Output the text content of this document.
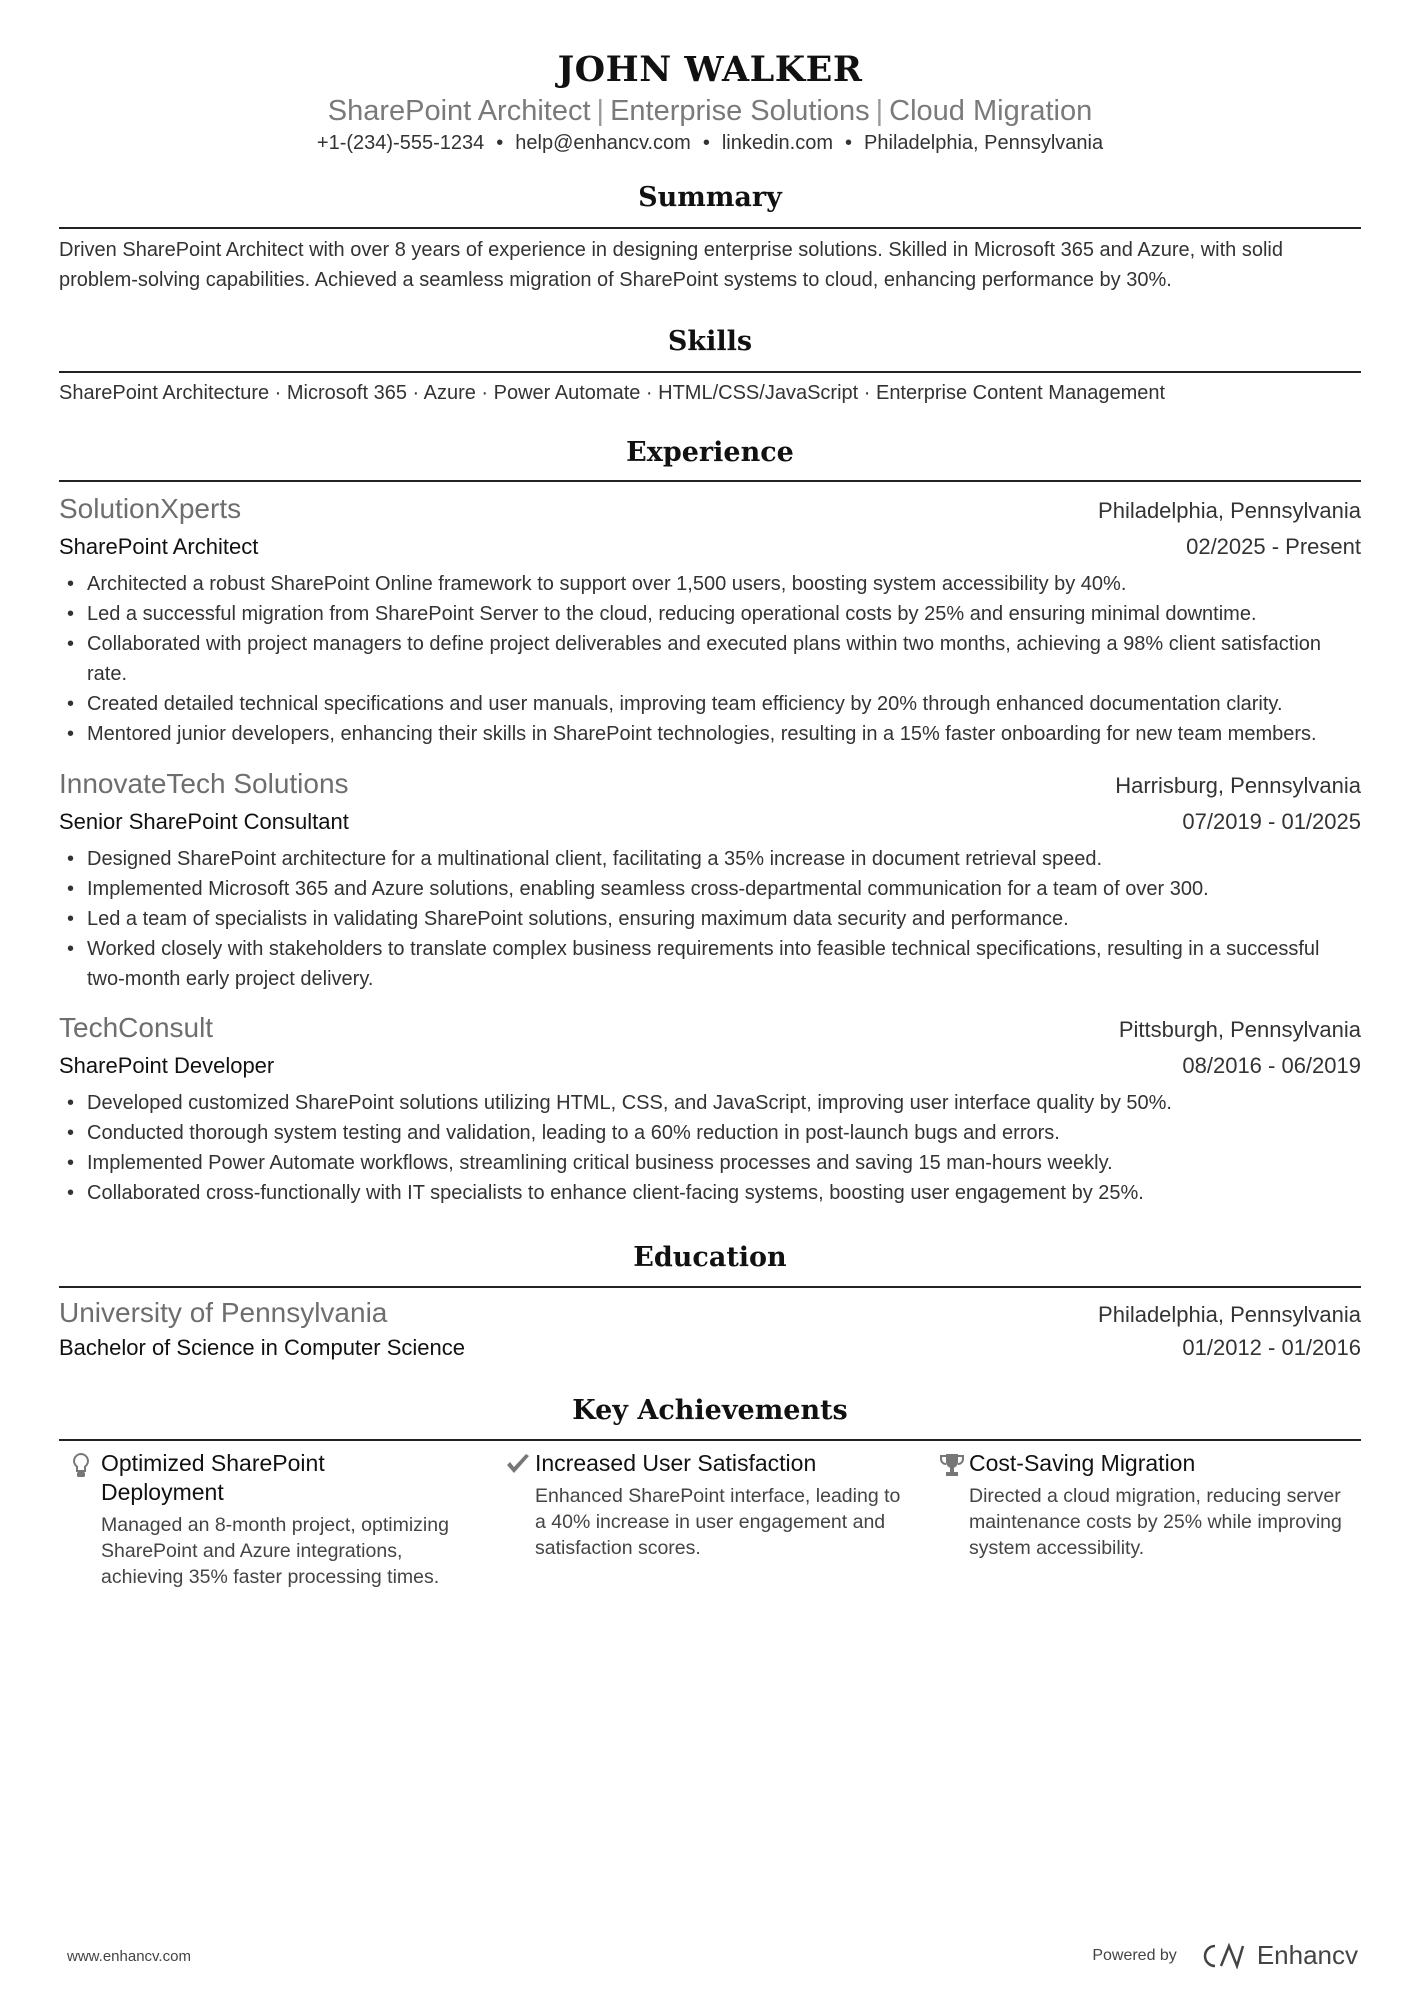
JOHN WALKER
SharePoint Architect | Enterprise Solutions | Cloud Migration
+1-(234)-555-1234 • help@enhancv.com • linkedin.com • Philadelphia, Pennsylvania
Summary
Driven SharePoint Architect with over 8 years of experience in designing enterprise solutions. Skilled in Microsoft 365 and Azure, with solid problem-solving capabilities. Achieved a seamless migration of SharePoint systems to cloud, enhancing performance by 30%.
Skills
SharePoint Architecture · Microsoft 365 · Azure · Power Automate · HTML/CSS/JavaScript · Enterprise Content Management
Experience
SolutionXperts	Philadelphia, Pennsylvania
SharePoint Architect	02/2025 - Present
• Architected a robust SharePoint Online framework to support over 1,500 users, boosting system accessibility by 40%.
• Led a successful migration from SharePoint Server to the cloud, reducing operational costs by 25% and ensuring minimal downtime.
• Collaborated with project managers to define project deliverables and executed plans within two months, achieving a 98% client satisfaction rate.
• Created detailed technical specifications and user manuals, improving team efficiency by 20% through enhanced documentation clarity.
• Mentored junior developers, enhancing their skills in SharePoint technologies, resulting in a 15% faster onboarding for new team members.
InnovateTech Solutions	Harrisburg, Pennsylvania
Senior SharePoint Consultant	07/2019 - 01/2025
• Designed SharePoint architecture for a multinational client, facilitating a 35% increase in document retrieval speed.
• Implemented Microsoft 365 and Azure solutions, enabling seamless cross-departmental communication for a team of over 300.
• Led a team of specialists in validating SharePoint solutions, ensuring maximum data security and performance.
• Worked closely with stakeholders to translate complex business requirements into feasible technical specifications, resulting in a successful two-month early project delivery.
TechConsult	Pittsburgh, Pennsylvania
SharePoint Developer	08/2016 - 06/2019
• Developed customized SharePoint solutions utilizing HTML, CSS, and JavaScript, improving user interface quality by 50%.
• Conducted thorough system testing and validation, leading to a 60% reduction in post-launch bugs and errors.
• Implemented Power Automate workflows, streamlining critical business processes and saving 15 man-hours weekly.
• Collaborated cross-functionally with IT specialists to enhance client-facing systems, boosting user engagement by 25%.
Education
University of Pennsylvania	Philadelphia, Pennsylvania
Bachelor of Science in Computer Science	01/2012 - 01/2016
Key Achievements
Optimized SharePoint Deployment
Managed an 8-month project, optimizing SharePoint and Azure integrations, achieving 35% faster processing times.
Increased User Satisfaction
Enhanced SharePoint interface, leading to a 40% increase in user engagement and satisfaction scores.
Cost-Saving Migration
Directed a cloud migration, reducing server maintenance costs by 25% while improving system accessibility.
www.enhancv.com	Powered by	Enhancv
